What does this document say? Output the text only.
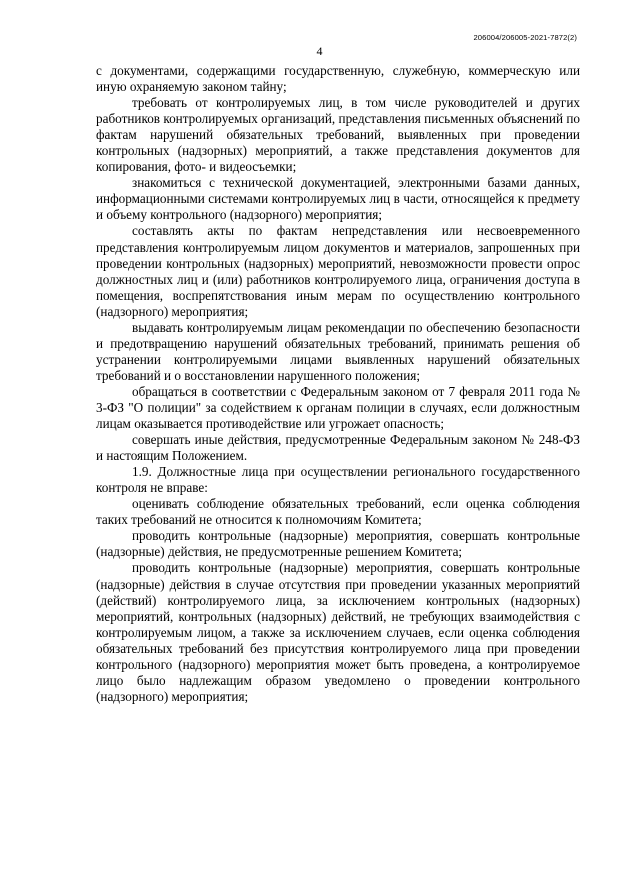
206004/206005-2021-7872(2)
4

с документами, содержащими государственную, служебную, коммерческую или иную охраняемую законом тайну;

требовать от контролируемых лиц, в том числе руководителей и других работников контролируемых организаций, представления письменных объяснений по фактам нарушений обязательных требований, выявленных при проведении контрольных (надзорных) мероприятий, а также представления документов для копирования, фото- и видеосъемки;

знакомиться с технической документацией, электронными базами данных, информационными системами контролируемых лиц в части, относящейся к предмету и объему контрольного (надзорного) мероприятия;

составлять акты по фактам непредставления или несвоевременного представления контролируемым лицом документов и материалов, запрошенных при проведении контрольных (надзорных) мероприятий, невозможности провести опрос должностных лиц и (или) работников контролируемого лица, ограничения доступа в помещения, воспрепятствования иным мерам по осуществлению контрольного (надзорного) мероприятия;

выдавать контролируемым лицам рекомендации по обеспечению безопасности и предотвращению нарушений обязательных требований, принимать решения об устранении контролируемыми лицами выявленных нарушений обязательных требований и о восстановлении нарушенного положения;

обращаться в соответствии с Федеральным законом от 7 февраля 2011 года № 3-ФЗ "О полиции" за содействием к органам полиции в случаях, если должностным лицам оказывается противодействие или угрожает опасность;

совершать иные действия, предусмотренные Федеральным законом № 248-ФЗ и настоящим Положением.

1.9. Должностные лица при осуществлении регионального государственного контроля не вправе:

оценивать соблюдение обязательных требований, если оценка соблюдения таких требований не относится к полномочиям Комитета;

проводить контрольные (надзорные) мероприятия, совершать контрольные (надзорные) действия, не предусмотренные решением Комитета;

проводить контрольные (надзорные) мероприятия, совершать контрольные (надзорные) действия в случае отсутствия при проведении указанных мероприятий (действий) контролируемого лица, за исключением контрольных (надзорных) мероприятий, контрольных (надзорных) действий, не требующих взаимодействия с контролируемым лицом, а также за исключением случаев, если оценка соблюдения обязательных требований без присутствия контролируемого лица при проведении контрольного (надзорного) мероприятия может быть проведена, а контролируемое лицо было надлежащим образом уведомлено о проведении контрольного (надзорного) мероприятия;
